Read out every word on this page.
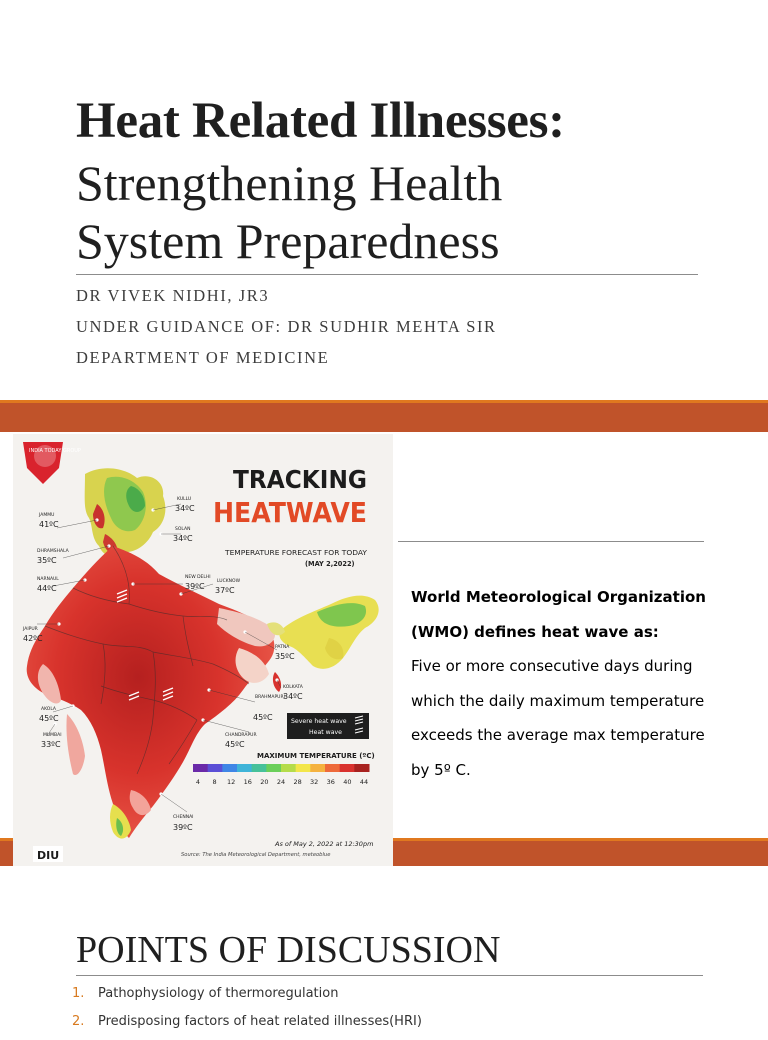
Heat Related Illnesses:
Strengthening Health
System Preparedness
DR VIVEK NIDHI, JR3
UNDER GUIDANCE OF: DR SUDHIR MEHTA SIR
DEPARTMENT OF MEDICINE
World Meteorological Organization
(WMO) defines heat wave as:
Five or more consecutive days during
which the daily maximum temperature
exceeds the average max temperature
by 5º C.
INDIA TODAY GROUP
JAMMU
41ºC
KULLU
34ºC
SOLAN
34ºC
DHRAMSHALA
35ºC
NARNAUL
44ºC
NEW DELHI
39ºC
LUCKNOW
37ºC
JAIPUR
42ºC
PATNA
35ºC
KOLKATA
34ºC
BRAHMAPURI
45ºC
AKOLA
45ºC
MUMBAI
33ºC
CHANDRAPUR
45ºC
CHENNAI
39ºC
TRACKING
HEATWAVE
TEMPERATURE FORECAST FOR TODAY
(MAY 2,2022)
Severe heat wave
Heat wave
MAXIMUM TEMPERATURE (ºC)
4 8 12 16 20 24 28 32 36 40 44
As of May 2, 2022 at 12:30pm
Source: The India Meteorological Department, meteoblue
DIU
POINTS OF DISCUSSION
1. Pathophysiology of thermoregulation
2. Predisposing factors of heat related illnesses(HRI)
